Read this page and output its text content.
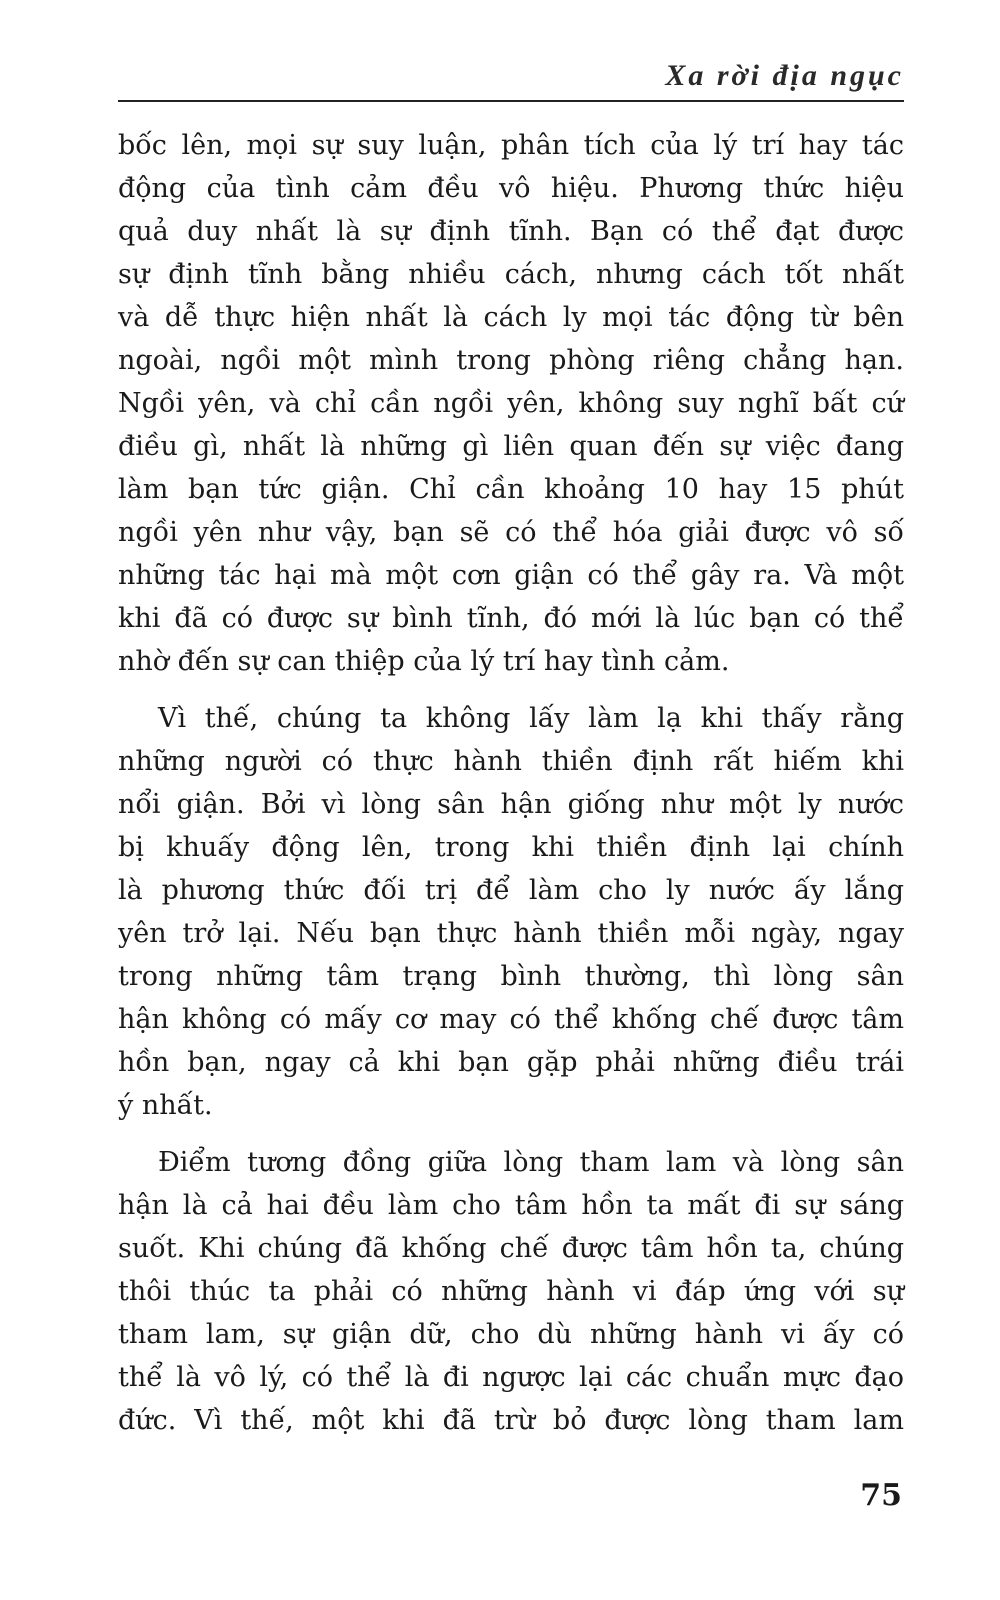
Xa rời địa ngục

bốc lên, mọi sự suy luận, phân tích của lý trí hay tác
động của tình cảm đều vô hiệu. Phương thức hiệu
quả duy nhất là sự định tĩnh. Bạn có thể đạt được
sự định tĩnh bằng nhiều cách, nhưng cách tốt nhất
và dễ thực hiện nhất là cách ly mọi tác động từ bên
ngoài, ngồi một mình trong phòng riêng chẳng hạn.
Ngồi yên, và chỉ cần ngồi yên, không suy nghĩ bất cứ
điều gì, nhất là những gì liên quan đến sự việc đang
làm bạn tức giận. Chỉ cần khoảng 10 hay 15 phút
ngồi yên như vậy, bạn sẽ có thể hóa giải được vô số
những tác hại mà một cơn giận có thể gây ra. Và một
khi đã có được sự bình tĩnh, đó mới là lúc bạn có thể
nhờ đến sự can thiệp của lý trí hay tình cảm.

Vì thế, chúng ta không lấy làm lạ khi thấy rằng
những người có thực hành thiền định rất hiếm khi
nổi giận. Bởi vì lòng sân hận giống như một ly nước
bị khuấy động lên, trong khi thiền định lại chính
là phương thức đối trị để làm cho ly nước ấy lắng
yên trở lại. Nếu bạn thực hành thiền mỗi ngày, ngay
trong những tâm trạng bình thường, thì lòng sân
hận không có mấy cơ may có thể khống chế được tâm
hồn bạn, ngay cả khi bạn gặp phải những điều trái
ý nhất.

Điểm tương đồng giữa lòng tham lam và lòng sân
hận là cả hai đều làm cho tâm hồn ta mất đi sự sáng
suốt. Khi chúng đã khống chế được tâm hồn ta, chúng
thôi thúc ta phải có những hành vi đáp ứng với sự
tham lam, sự giận dữ, cho dù những hành vi ấy có
thể là vô lý, có thể là đi ngược lại các chuẩn mực đạo
đức. Vì thế, một khi đã trừ bỏ được lòng tham lam

75
